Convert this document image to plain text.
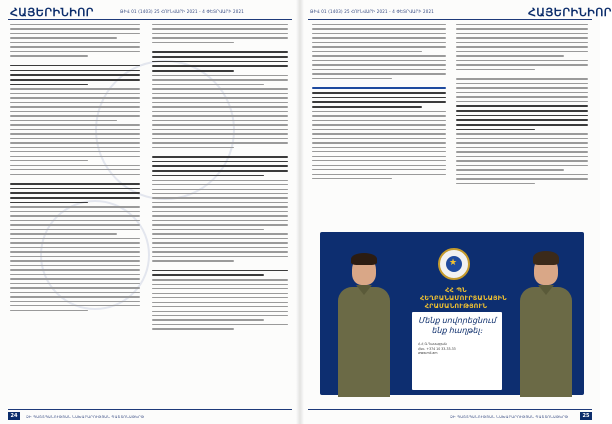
ՀԱՅԵՐԻՆԻՈՐ	ԹԻՎ 01 (1403) 25 ՀՈՒՆՎԱՐԻ 2021 - 4 ՓԵՏՐՎԱՐԻ 2021
24	ԶԻ ՊԱՇՏՊԱՆՈՒԹՅԱՆ ՆԱԽԱՐԱՐՈՒԹՅԱՆ ՊԱՇՏՈՆԱԹԵՐԹ
ԹԻՎ 01 (1403) 25 ՀՈՒՆՎԱՐԻ 2021 - 4 ՓԵՏՐՎԱՐԻ 2021	ՀԱՅԵՐԻՆԻՈՐ
ԶԻ ՊԱՇՏՊԱՆՈՒԹՅԱՆ ՆԱԽԱՐԱՐՈՒԹՅԱՆ ՊԱՇՏՈՆԱԹԵՐԹ	25
★
ՀՀ ՊՆ ՀԵՂԲԱՆԱՄՈՒՐՏԱՆԱՅԻՆ ՀՐԱՄԱՆՈՒԹՅՈՒՆ
Մենք սովորեցնում ենք հաղթել։
Հ.Հ.Գ.Ղասաբյան
Հեռ. +374 10 33-33-33
www.mil.am
